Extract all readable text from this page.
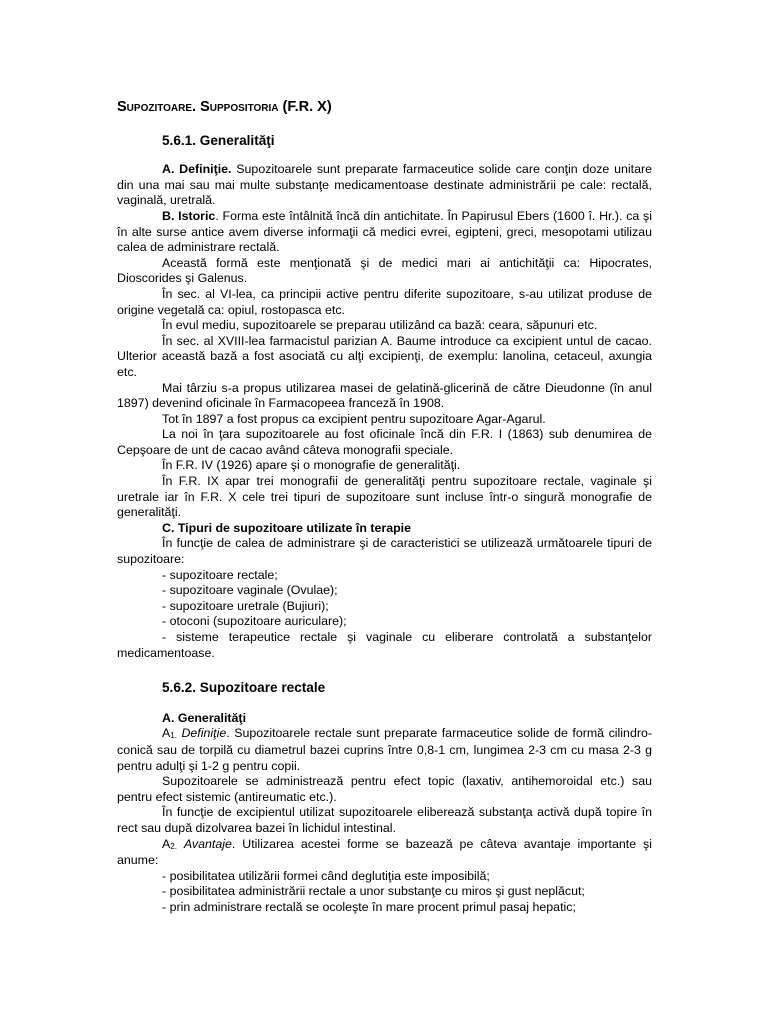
Supozitoare. Suppositoria (F.R. X)
5.6.1. Generalităţi

A. Definiţie. Supozitoarele sunt preparate farmaceutice solide care conţin doze unitare din una mai sau mai multe substanţe medicamentoase destinate administrării pe cale: rectală, vaginală, uretrală.

B. Istoric. Forma este întâlnită încă din antichitate. În Papirusul Ebers (1600 î. Hr.). ca şi în alte surse antice avem diverse informaţii că medici evrei, egipteni, greci, mesopotami utilizau calea de administrare rectală.

Această formă este menţionată şi de medici mari ai antichităţii ca: Hipocrates, Dioscorides şi Galenus.

În sec. al VI-lea, ca principii active pentru diferite supozitoare, s-au utilizat produse de origine vegetală ca: opiul, rostopasca etc.

În evul mediu, supozitoarele se preparau utilizând ca bază: ceara, săpunuri etc.

În sec. al XVIII-lea farmacistul parizian A. Baume introduce ca excipient untul de cacao. Ulterior această bază a fost asociată cu alţi excipienţi, de exemplu: lanolina, cetaceul, axungia etc.

Mai târziu s-a propus utilizarea masei de gelatină-glicerină de către Dieudonne (în anul 1897) devenind oficinale în Farmacopeea franceză în 1908.

Tot în 1897 a fost propus ca excipient pentru supozitoare Agar-Agarul.

La noi în ţara supozitoarele au fost oficinale încă din F.R. I (1863) sub denumirea de Cepşoare de unt de cacao având câteva monografii speciale.

În F.R. IV (1926) apare şi o monografie de generalităţi.

În F.R. IX apar trei monografii de generalităţi pentru supozitoare rectale, vaginale şi uretrale iar în F.R. X cele trei tipuri de supozitoare sunt incluse într-o singură monografie de generalităţi.

C. Tipuri de supozitoare utilizate în terapie

În funcţie de calea de administrare şi de caracteristici se utilizează următoarele tipuri de supozitoare:

- supozitoare rectale;
- supozitoare vaginale (Ovulae);
- supozitoare uretrale (Bujiuri);
- otoconi (supozitoare auriculare);
- sisteme terapeutice rectale şi vaginale cu eliberare controlată a substanţelor medicamentoase.
5.6.2. Supozitoare rectale

A. Generalităţi

$A_{1.}$ Definiţie. Supozitoarele rectale sunt preparate farmaceutice solide de formă cilindro-conică sau de torpilă cu diametrul bazei cuprins între 0,8-1 cm, lungimea 2-3 cm cu masa 2-3 g pentru adulţi şi 1-2 g pentru copii.

Supozitoarele se administrează pentru efect topic (laxativ, antihemoroidal etc.) sau pentru efect sistemic (antireumatic etc.).

În funcţie de excipientul utilizat supozitoarele eliberează substanţa activă după topire în rect sau după dizolvarea bazei în lichidul intestinal.

$A_{2.}$ Avantaje. Utilizarea acestei forme se bazează pe câteva avantaje importante şi anume:

- posibilitatea utilizării formei când deglutiţia este imposibilă;
- posibilitatea administrării rectale a unor substanţe cu miros şi gust neplăcut;
- prin administrare rectală se ocoleşte în mare procent primul pasaj hepatic;
